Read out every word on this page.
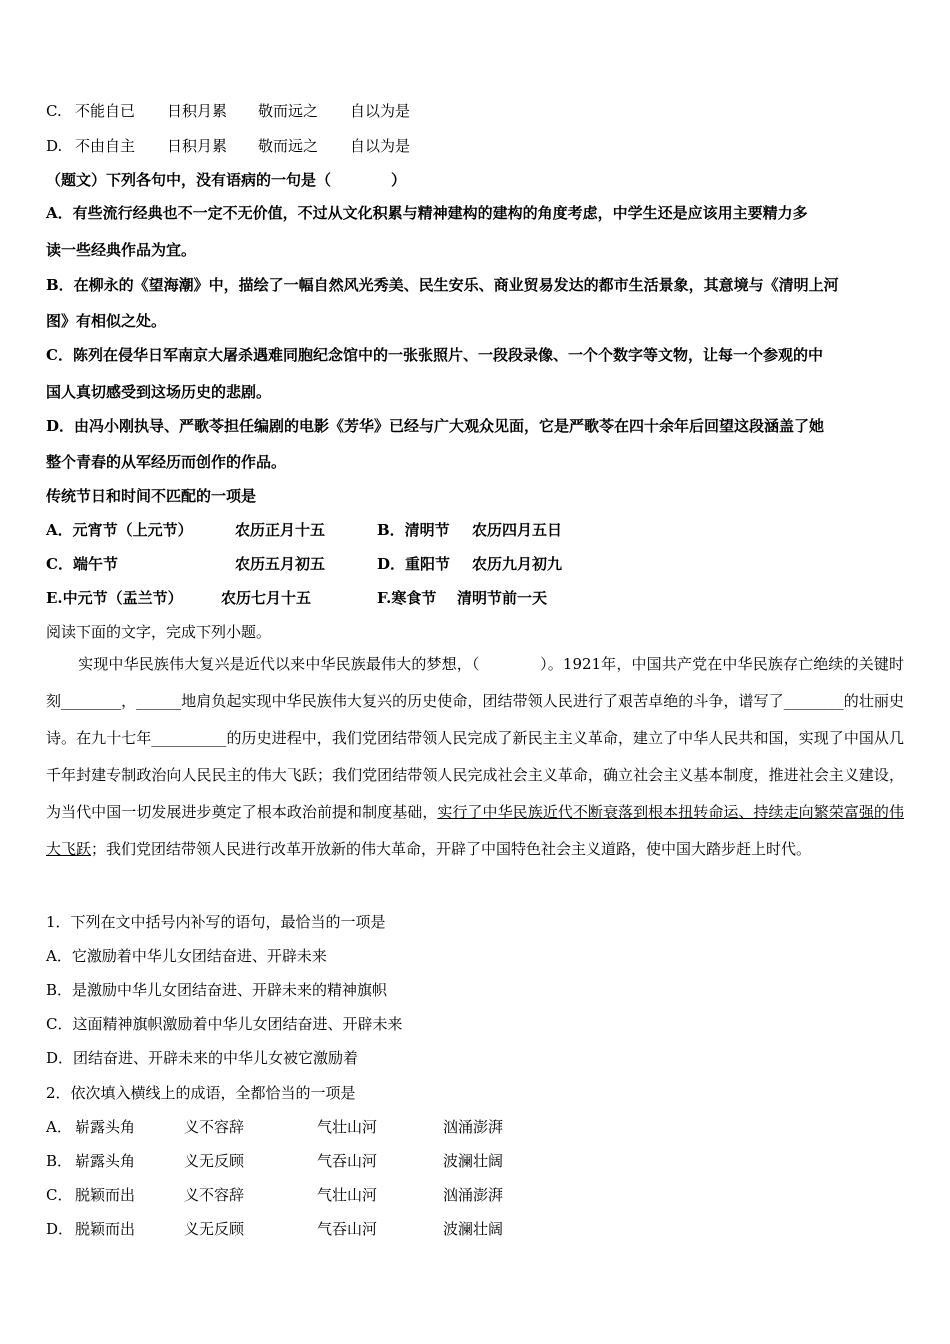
C. 不能自已 日积月累 敬而远之 自以为是
D. 不由自主 日积月累 敬而远之 自以为是
（题文）下列各句中，没有语病的一句是（　　　　）
A．有些流行经典也不一定不无价值，不过从文化积累与精神建构的建构的角度考虑，中学生还是应该用主要精力多
读一些经典作品为宜。
B．在柳永的《望海潮》中，描绘了一幅自然风光秀美、民生安乐、商业贸易发达的都市生活景象，其意境与《清明上河
图》有相似之处。
C．陈列在侵华日军南京大屠杀遇难同胞纪念馆中的一张张照片、一段段录像、一个个数字等文物，让每一个参观的中
国人真切感受到这场历史的悲剧。
D．由冯小刚执导、严歌苓担任编剧的电影《芳华》已经与广大观众见面，它是严歌苓在四十余年后回望这段涵盖了她
整个青春的从军经历而创作的作品。
传统节日和时间不匹配的一项是
A．元宵节（上元节）	农历正月十五	B．清明节 农历四月五日
C．端午节	农历五月初五	D．重阳节 农历九月初九
E.中元节（盂兰节）	农历七月十五	F.寒食节 清明节前一天
阅读下面的文字，完成下列小题。
实现中华民族伟大复兴是近代以来中华民族最伟大的梦想，（　　　　）。1921年，中国共产党在中华民族存亡绝续的关键时刻________，______地肩负起实现中华民族伟大复兴的历史使命，团结带领人民进行了艰苦卓绝的斗争，谱写了________的壮丽史诗。在九十七年__________的历史进程中，我们党团结带领人民完成了新民主主义革命，建立了中华人民共和国，实现了中国从几千年封建专制政治向人民民主的伟大飞跃；我们党团结带领人民完成社会主义革命，确立社会主义基本制度，推进社会主义建设，为当代中国一切发展进步奠定了根本政治前提和制度基础，实行了中华民族近代不断衰落到根本扭转命运、持续走向繁荣富强的伟大飞跃；我们党团结带领人民进行改革开放新的伟大革命，开辟了中国特色社会主义道路，使中国大踏步赶上时代。
1．下列在文中括号内补写的语句，最恰当的一项是
A．它激励着中华儿女团结奋进、开辟未来
B．是激励中华儿女团结奋进、开辟未来的精神旗帜
C．这面精神旗帜激励着中华儿女团结奋进、开辟未来
D．团结奋进、开辟未来的中华儿女被它激励着
2．依次填入横线上的成语，全都恰当的一项是
A． 崭露头角	义不容辞	气壮山河	汹涌澎湃
B． 崭露头角	义无反顾	气吞山河	波澜壮阔
C． 脱颖而出	义不容辞	气壮山河	汹涌澎湃
D． 脱颖而出	义无反顾	气吞山河	波澜壮阔
